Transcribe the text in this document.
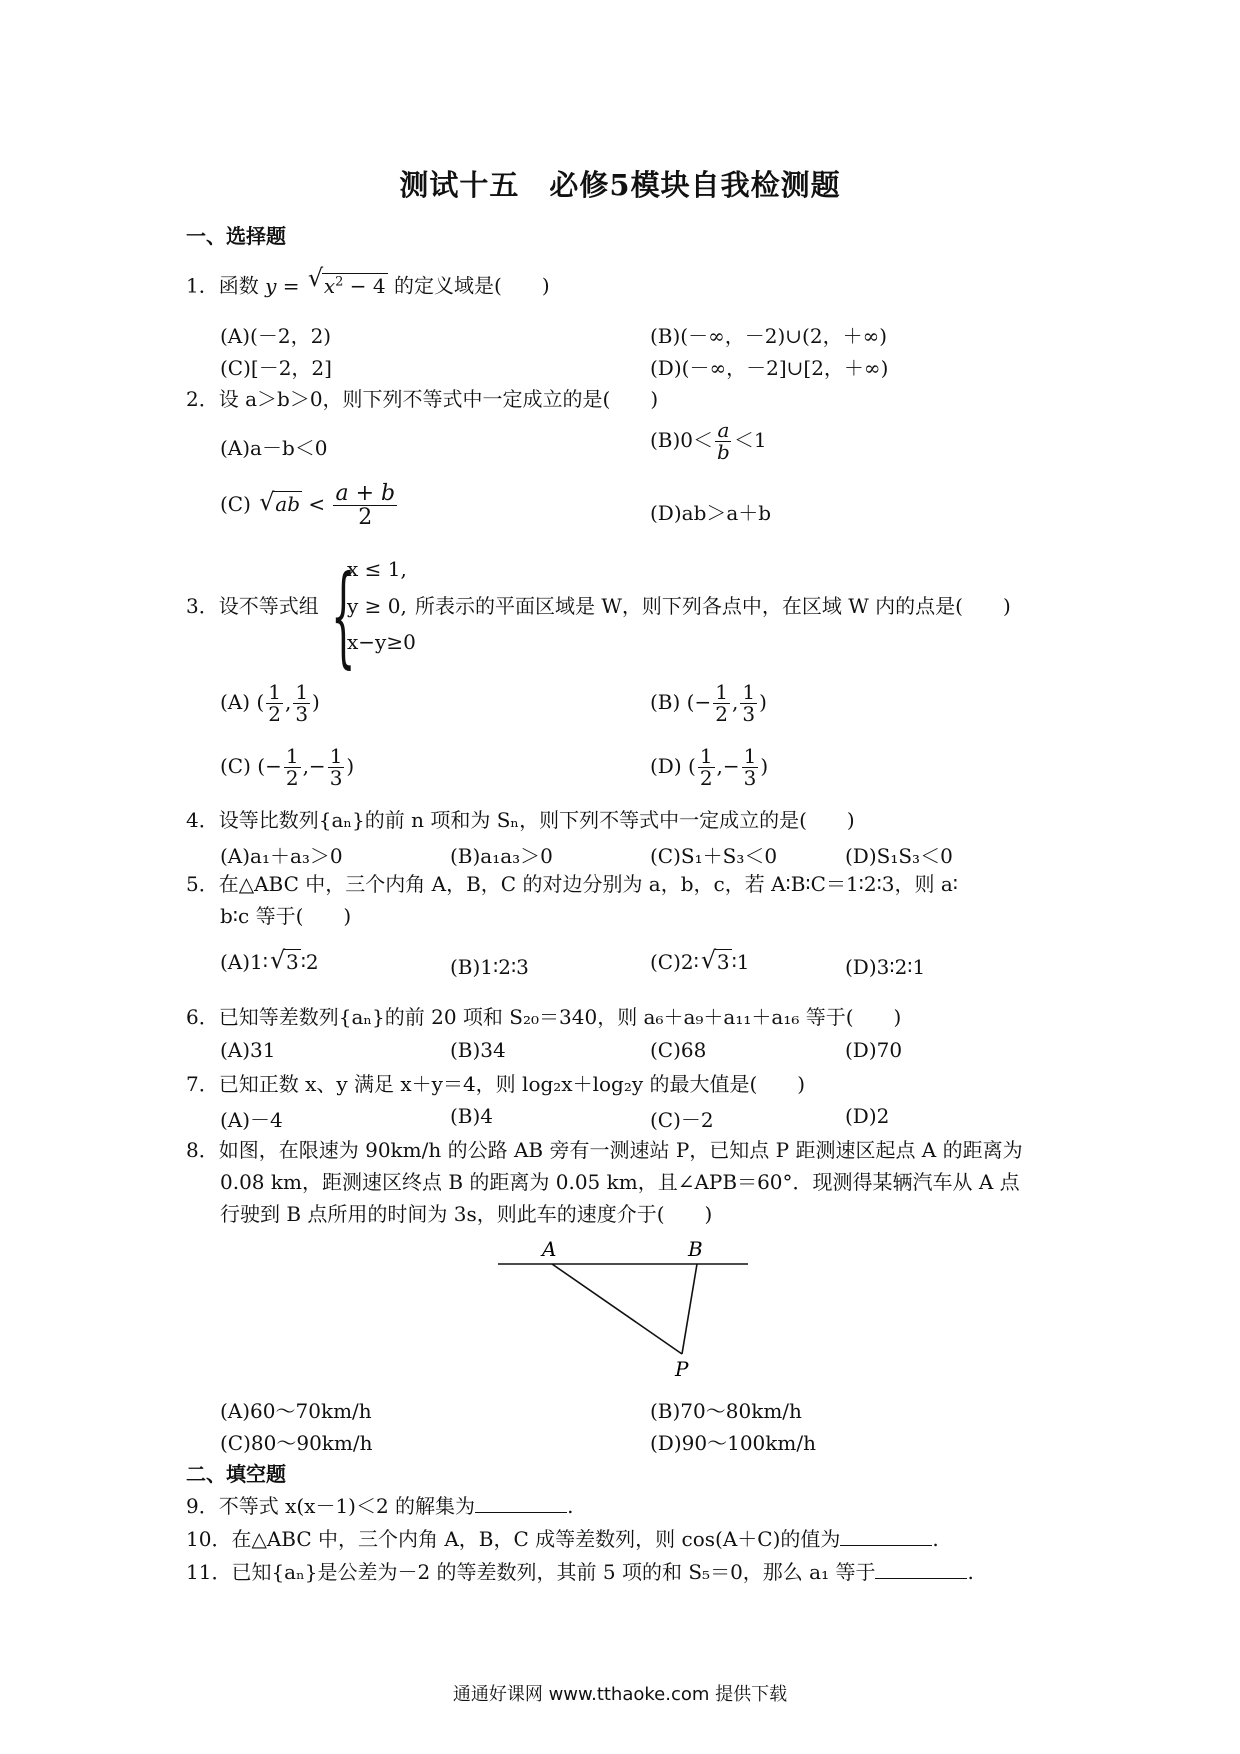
测试十五　必修5模块自我检测题
一、选择题
1．函数 y = √ $x^2 - 4$ 的定义域是(　　)
(A)(－2，2)	(B)(－∞，－2)∪(2，＋∞)
(C)[－2，2]	(D)(－∞，－2]∪[2，＋∞)
2．设 a＞b＞0，则下列不等式中一定成立的是(　　)
(A)a－b＜0	$(B)0< \frac{a}{b} <1$
(C) √ ab < $\frac{a + b}{2}$	(D)ab＞a＋b
3．设不等式组 {
x ≤ 1,
y ≥ 0,
x−y≥0
所表示的平面区域是 W，则下列各点中，在区域 W 内的点是(　　)
(A) ( $\frac{1}{2}$ , $\frac{1}{3}$ )	(B) (− $\frac{1}{2}$ , $\frac{1}{3}$ )
(C) (− $\frac{1}{2}$ ,− $\frac{1}{3}$ )	(D) ( $\frac{1}{2}$ ,− $\frac{1}{3}$ )
4．设等比数列{aₙ}的前 n 项和为 Sₙ，则下列不等式中一定成立的是(　　)
(A)a₁＋a₃＞0	(B)a₁a₃＞0	(C)S₁＋S₃＜0	(D)S₁S₃＜0
5．在△ABC 中，三个内角 A，B，C 的对边分别为 a，b，c，若 A∶B∶C＝1∶2∶3，则 a∶
b∶c 等于(　　)
(A)1∶ √ 3 ∶2	(B)1∶2∶3	(C)2∶ √ 3 ∶1	(D)3∶2∶1
6．已知等差数列{aₙ}的前 20 项和 S₂₀＝340，则 a₆＋a₉＋a₁₁＋a₁₆ 等于(　　)
(A)31	(B)34	(C)68	(D)70
7．已知正数 x、y 满足 x＋y＝4，则 log₂x＋log₂y 的最大值是(　　)
(A)－4	(B)4	(C)－2	(D)2
8．如图，在限速为 90km/h 的公路 AB 旁有一测速站 P，已知点 P 距测速区起点 A 的距离为
0.08 km，距测速区终点 B 的距离为 0.05 km，且∠APB＝60°．现测得某辆汽车从 A 点
行驶到 B 点所用的时间为 3s，则此车的速度介于(　　)
A	B
P
(A)60～70km/h	(B)70～80km/h
(C)80～90km/h	(D)90～100km/h
二、填空题
9．不等式 x(x－1)＜2 的解集为	.
10．在△ABC 中，三个内角 A，B，C 成等差数列，则 cos(A＋C)的值为	.
11．已知{aₙ}是公差为－2 的等差数列，其前 5 项的和 S₅＝0，那么 a₁ 等于	.
通通好课网 www.tthaoke.com 提供下载
